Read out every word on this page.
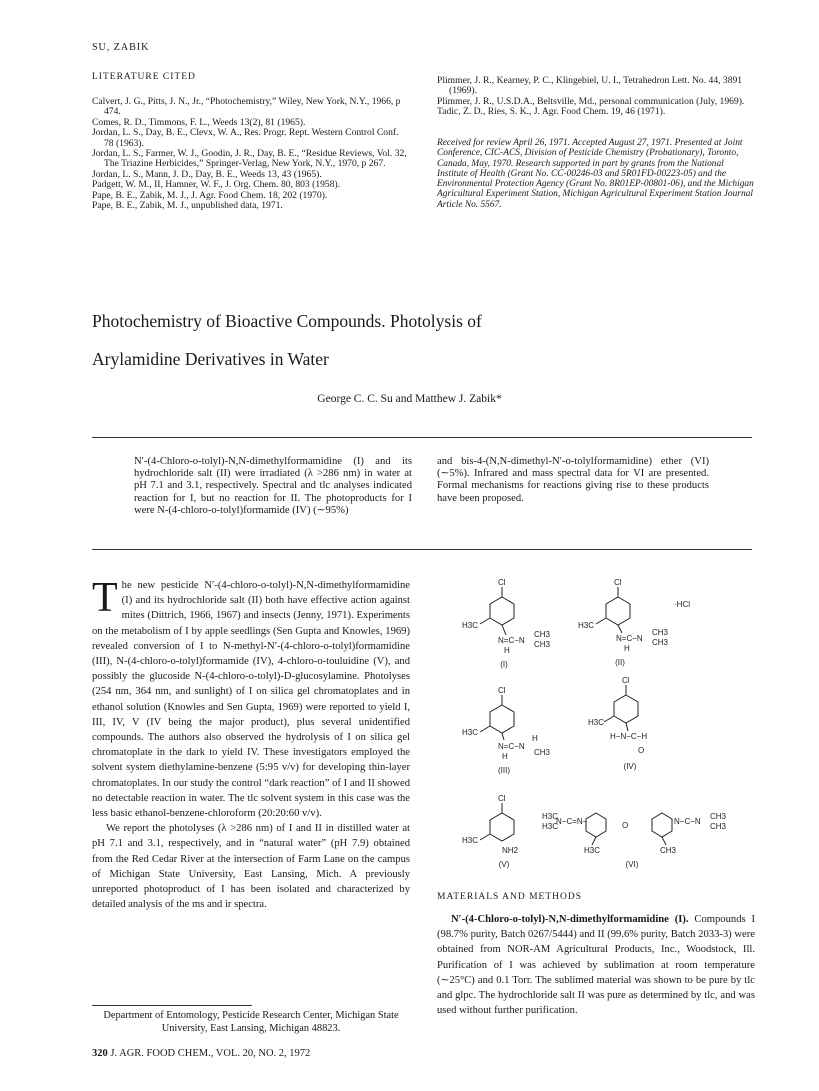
SU, ZABIK
LITERATURE CITED
Calvert, J. G., Pitts, J. N., Jr., “Photochemistry,” Wiley, New York, N.Y., 1966, p 474.
Comes, R. D., Timmons, F. L., Weeds 13(2), 81 (1965).
Jordan, L. S., Day, B. E., Clevx, W. A., Res. Progr. Rept. Western Control Conf. 78 (1963).
Jordan, L. S., Farmer, W. J., Goodin, J. R., Day, B. E., “Residue Reviews, Vol. 32, The Triazine Herbicides,” Springer-Verlag, New York, N.Y., 1970, p 267.
Jordan, L. S., Mann, J. D., Day, B. E., Weeds 13, 43 (1965).
Padgett, W. M., II, Hamner, W. F., J. Org. Chem. 80, 803 (1958).
Pape, B. E., Zabik, M. J., J. Agr. Food Chem. 18, 202 (1970).
Pape, B. E., Zabik, M. J., unpublished data, 1971.
Plimmer, J. R., Kearney, P. C., Klingebiel, U. I., Tetrahedron Lett. No. 44, 3891 (1969).
Plimmer, J. R., U.S.D.A., Beltsville, Md., personal communication (July, 1969).
Tadic, Z. D., Ries, S. K., J. Agr. Food Chem. 19, 46 (1971).
Received for review April 26, 1971. Accepted August 27, 1971. Presented at Joint Conference, CIC-ACS, Division of Pesticide Chemistry (Probationary), Toronto, Canada, May, 1970. Research supported in part by grants from the National Institute of Health (Grant No. CC-00246-03 and 5R01FD-00223-05) and the Environmental Protection Agency (Grant No. 8R01EP-00801-06), and the Michigan Agricultural Experiment Station, Michigan Agricultural Experiment Station Journal Article No. 5567.
Photochemistry of Bioactive Compounds. Photolysis of
Arylamidine Derivatives in Water
George C. C. Su and Matthew J. Zabik*
N′-(4-Chloro-o-tolyl)-N,N-dimethylformamidine (I) and its hydrochloride salt (II) were irradiated (λ >286 nm) in water at pH 7.1 and 3.1, respectively. Spectral and tlc analyses indicated reaction for I, but no reaction for II. The photoproducts for I were N-(4-chloro-o-tolyl)formamide (IV) (∼95%)
and bis-4-(N,N-dimethyl-N′-o-tolylformamidine) ether (VI) (∼5%). Infrared and mass spectral data for VI are presented. Formal mechanisms for reactions giving rise to these products have been proposed.

The new pesticide N′-(4-chloro-o-tolyl)-N,N-dimethylformamidine (I) and its hydrochloride salt (II) both have effective action against mites (Dittrich, 1966, 1967) and insects (Jenny, 1971). Experiments on the metabolism of I by apple seedlings (Sen Gupta and Knowles, 1969) revealed conversion of I to N-methyl-N′-(4-chloro-o-tolyl)formamidine (III), N-(4-chloro-o-tolyl)formamide (IV), 4-chloro-o-touluidine (V), and possibly the glucoside N-(4-chloro-o-tolyl)-D-glucosylamine. Photolyses (254 nm, 364 nm, and sunlight) of I on silica gel chromatoplates and in ethanol solution (Knowles and Sen Gupta, 1969) were reported to yield I, III, IV, V (IV being the major product), plus several unidentified compounds. The authors also observed the hydrolysis of I on silica gel chromatoplate in the dark to yield IV. These investigators employed the solvent system diethylamine-benzene (5:95 v/v) for developing thin-layer chromatoplates. In our study the control “dark reaction” of I and II showed no detectable reaction in water. The tlc solvent system in this case was the less basic ethanol-benzene-chloroform (20:20:60 v/v).

We report the photolyses (λ >286 nm) of I and II in distilled water at pH 7.1 and 3.1, respectively, and in “natural water” (pH 7.9) obtained from the Red Cedar River at the intersection of Farm Lane on the campus of Michigan State University, East Lansing, Mich. A previously unreported photoproduct of I has been isolated and characterized by detailed analysis of the ms and ir spectra.

Cl
H3C
N=C−N
CH3
CH3
H
Cl
·HCl
H3C
N=C−N
CH3
CH3
H
Cl
H3C
N=C−N
H
CH3
H
Cl
H3C
H−N−C−H
O
Cl
H3C
NH2
H3C
H3C
N−C=N−	O	N−C−N
CH3
CH3
H3C	CH3
(I)	(II)
(III)	(IV)
(V)	(VI)
MATERIALS AND METHODS

N′-(4-Chloro-o-tolyl)-N,N-dimethylformamidine (I). Compounds I (98.7% purity, Batch 0267/5444) and II (99.6% purity, Batch 2033-3) were obtained from NOR-AM Agricultural Products, Inc., Woodstock, Ill. Purification of I was achieved by sublimation at room temperature (∼25°C) and 0.1 Torr. The sublimed material was shown to be pure by tlc and glpc. The hydrochloride salt II was pure as determined by tlc, and was used without further purification.

Department of Entomology, Pesticide Research Center, Michigan State University, East Lansing, Michigan 48823.
320 J. AGR. FOOD CHEM., VOL. 20, NO. 2, 1972
